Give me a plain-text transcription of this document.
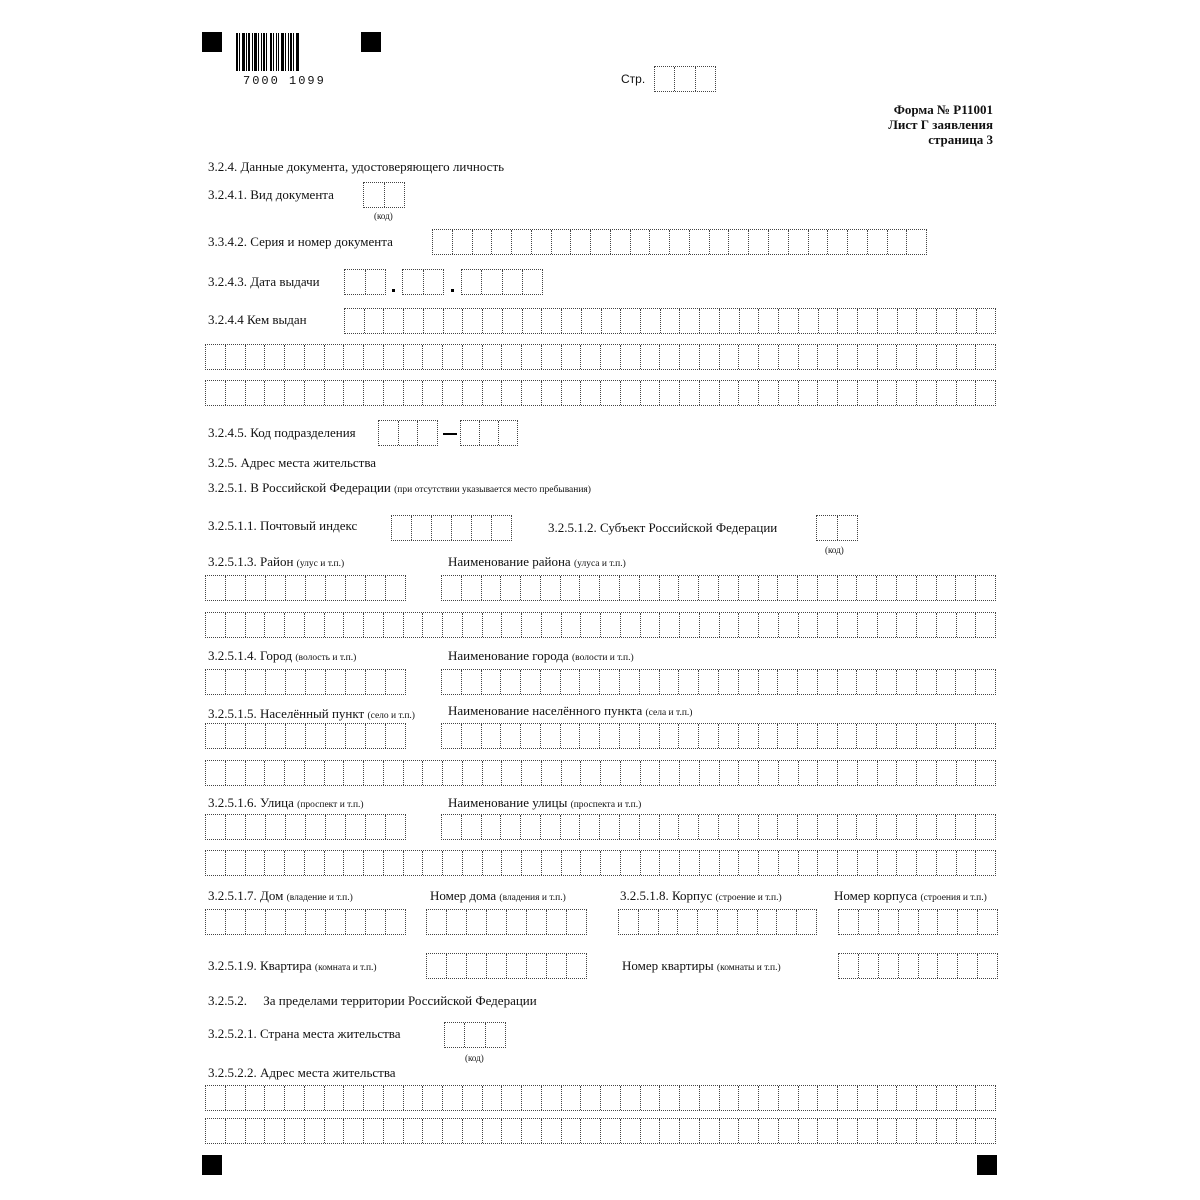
7000 1099	Стр.
Форма № Р11001
Лист Г заявления
страница 3
3.2.4. Данные документа, удостоверяющего личность
3.2.4.1. Вид документа
(код)
3.3.4.2. Серия и номер документа
3.2.4.3. Дата выдачи
3.2.4.4 Кем выдан
3.2.4.5. Код подразделения
3.2.5. Адрес места жительства
3.2.5.1. В Российской Федерации (при отсутствии указывается место пребывания)
3.2.5.1.1. Почтовый индекс	3.2.5.1.2. Субъект Российской Федерации
(код)
3.2.5.1.3. Район (улус и т.п.)	Наименование района (улуса и т.п.)
3.2.5.1.4. Город (волость и т.п.)	Наименование города (волости и т.п.)
3.2.5.1.5. Населённый пункт (село и т.п.)	Наименование населённого пункта (села и т.п.)
3.2.5.1.6. Улица (проспект и т.п.)	Наименование улицы (проспекта и т.п.)
3.2.5.1.7. Дом (владение и т.п.)	Номер дома (владения и т.п.)	3.2.5.1.8. Корпус (строение и т.п.)	Номер корпуса (строения и т.п.)
3.2.5.1.9. Квартира (комната и т.п.)	Номер квартиры (комнаты и т.п.)
3.2.5.2.     За пределами территории Российской Федерации
3.2.5.2.1. Страна места жительства
(код)
3.2.5.2.2. Адрес места жительства
